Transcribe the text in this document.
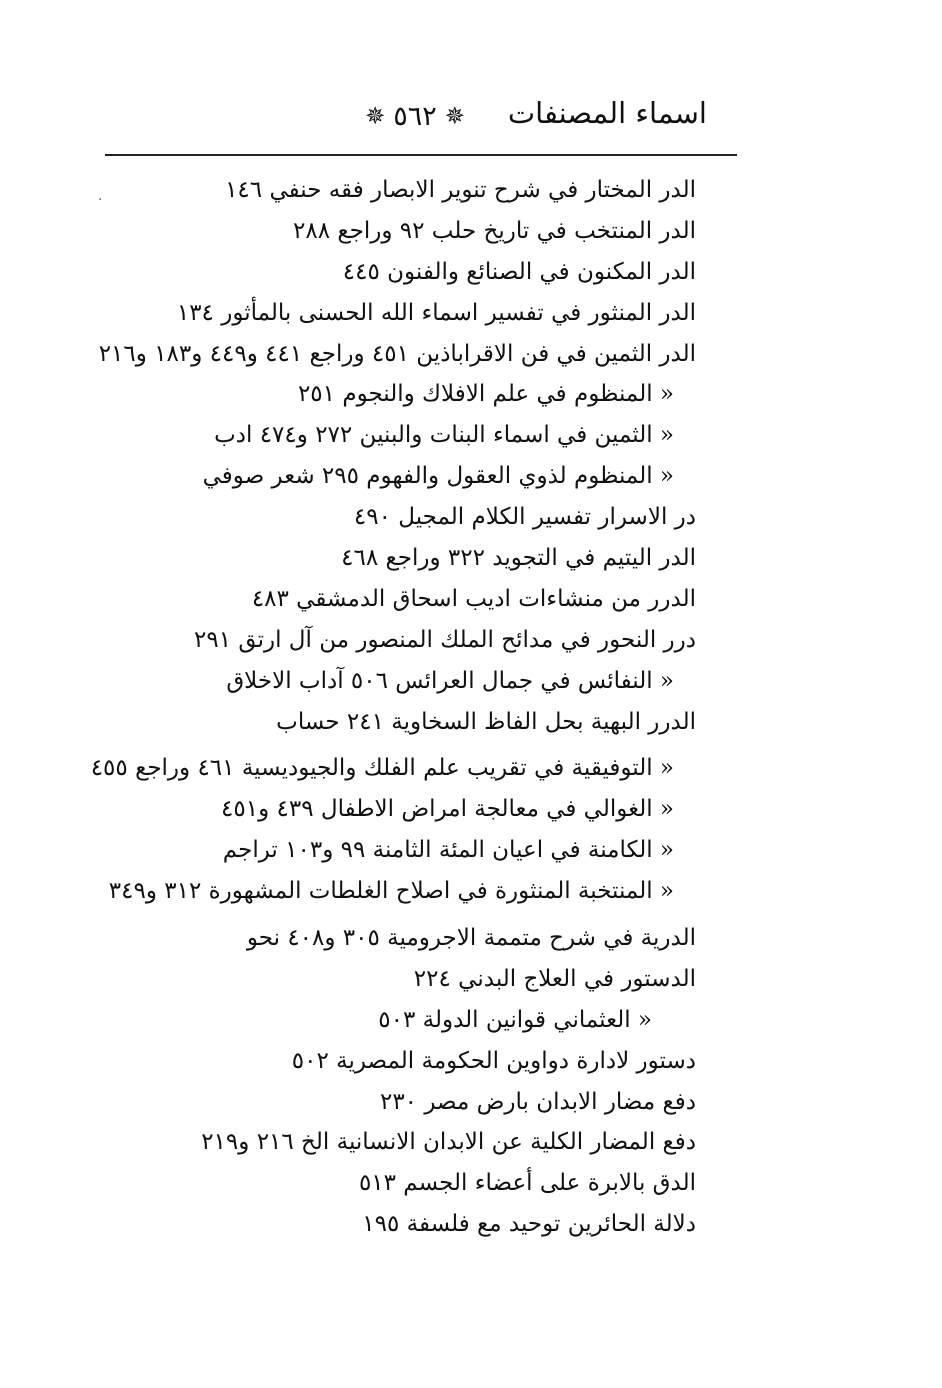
اسماء المصنفات
✵ ٥٦٢ ✵
·	الدر المختار في شرح تنوير الابصار فقه حنفي ١٤٦
الدر المنتخب في تاريخ حلب ٩٢ وراجع ٢٨٨
الدر المكنون في الصنائع والفنون ٤٤٥
الدر المنثور في تفسير اسماء الله الحسنى بالمأثور ١٣٤
الدر الثمين في فن الاقراباذين ٤٥١ وراجع ٤٤١ و٤٤٩ و١٨٣ و٢١٦
« المنظوم في علم الافلاك والنجوم ٢٥١
« الثمين في اسماء البنات والبنين ٢٧٢ و٤٧٤ ادب
« المنظوم لذوي العقول والفهوم ٢٩٥ شعر صوفي
در الاسرار تفسير الكلام المجيل ٤٩٠
الدر اليتيم في التجويد ٣٢٢ وراجع ٤٦٨
الدرر من منشاءات اديب اسحاق الدمشقي ٤٨٣
درر النحور في مدائح الملك المنصور من آل ارتق ٢٩١
« النفائس في جمال العرائس ٥٠٦ آداب الاخلاق
الدرر البهية بحل الفاظ السخاوية ٢٤١ حساب
« التوفيقية في تقريب علم الفلك والجيوديسية ٤٦١ وراجع ٤٥٥
« الغوالي في معالجة امراض الاطفال ٤٣٩ و٤٥١
« الكامنة في اعيان المئة الثامنة ٩٩ و١٠٣ تراجم
« المنتخبة المنثورة في اصلاح الغلطات المشهورة ٣١٢ و٣٤٩
الدرية في شرح متممة الاجرومية ٣٠٥ و٤٠٨ نحو
الدستور في العلاج البدني ٢٢٤
« العثماني قوانين الدولة ٥٠٣
دستور لادارة دواوين الحكومة المصرية ٥٠٢
دفع مضار الابدان بارض مصر ٢٣٠
دفع المضار الكلية عن الابدان الانسانية الخ ٢١٦ و٢١٩
الدق بالابرة على أعضاء الجسم ٥١٣
دلالة الحائرين توحيد مع فلسفة ١٩٥
